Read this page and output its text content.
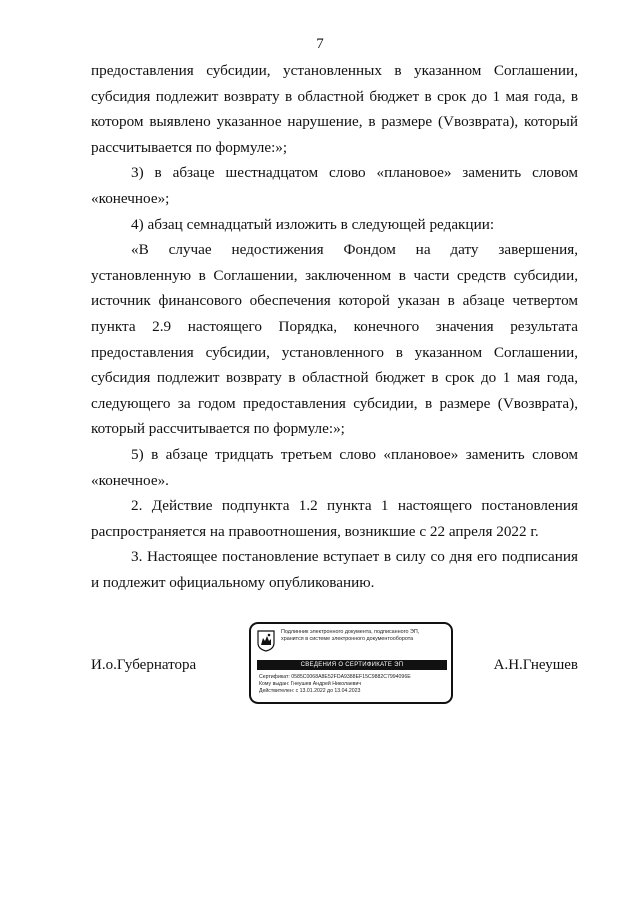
7

предоставления субсидии, установленных в указанном Соглашении, субсидия подлежит возврату в областной бюджет в срок до 1 мая года, в котором выявлено указанное нарушение, в размере (Vвозврата), который рассчитывается по формуле:»;

3) в абзаце шестнадцатом слово «плановое» заменить словом «конечное»;

4) абзац семнадцатый изложить в следующей редакции:

«В случае недостижения Фондом на дату завершения, установленную в Соглашении, заключенном в части средств субсидии, источник финансового обеспечения которой указан в абзаце четвертом пункта 2.9 настоящего Порядка, конечного значения результата предоставления субсидии, установленного в указанном Соглашении, субсидия подлежит возврату в областной бюджет в срок до 1 мая года, следующего за годом предоставления субсидии, в размере (Vвозврата), который рассчитывается по формуле:»;

5) в абзаце тридцать третьем слово «плановое» заменить словом «конечное».

2. Действие подпункта 1.2 пункта 1 настоящего постановления распространяется на правоотношения, возникшие с 22 апреля 2022 г.

3. Настоящее постановление вступает в силу со дня его подписания и подлежит официальному опубликованию.

И.о.Губернатора	А.Н.Гнеушев
Подлинник электронного документа, подписанного ЭП,
хранится в системе электронного документооборота
СВЕДЕНИЯ О СЕРТИФИКАТЕ ЭП
Сертификат: 0585C0068A8E52FDA9388EF15C9882C7994096E
Кому выдан: Гнеушев Андрей Николаевич
Действителен: с 13.01.2022 до 13.04.2023
